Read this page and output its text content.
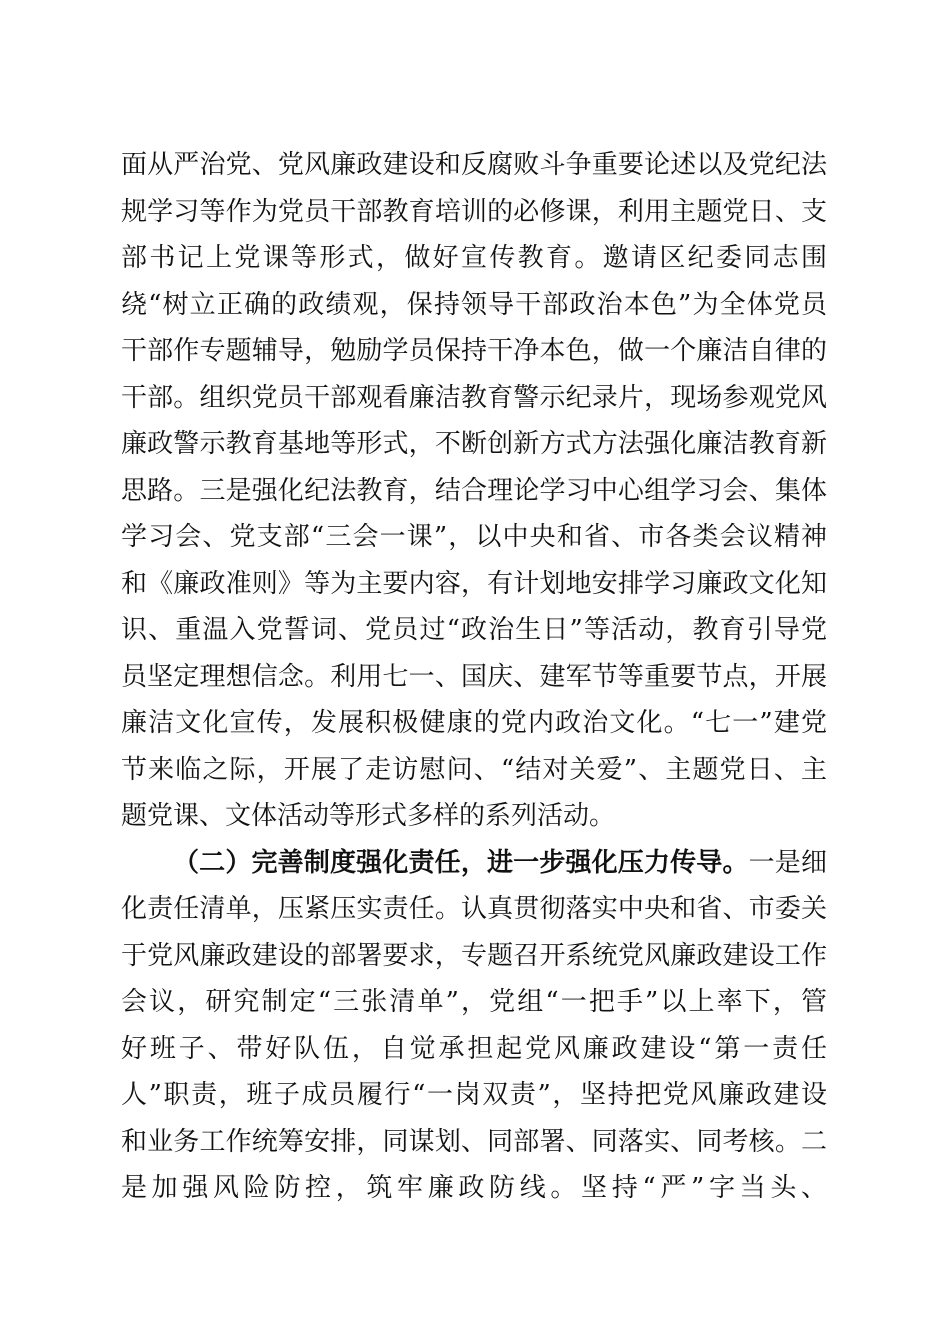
面从严治党、党风廉政建设和反腐败斗争重要论述以及党纪法
规学习等作为党员干部教育培训的必修课，利用主题党日、支
部书记上党课等形式，做好宣传教育。邀请区纪委同志围
绕“树立正确的政绩观，保持领导干部政治本色”为全体党员
干部作专题辅导，勉励学员保持干净本色，做一个廉洁自律的
干部。组织党员干部观看廉洁教育警示纪录片，现场参观党风
廉政警示教育基地等形式，不断创新方式方法强化廉洁教育新
思路。三是强化纪法教育，结合理论学习中心组学习会、集体
学习会、党支部“三会一课”，以中央和省、市各类会议精神
和《廉政准则》等为主要内容，有计划地安排学习廉政文化知
识、重温入党誓词、党员过“政治生日”等活动，教育引导党
员坚定理想信念。利用七一、国庆、建军节等重要节点，开展
廉洁文化宣传，发展积极健康的党内政治文化。“七一”建党
节来临之际，开展了走访慰问、“结对关爱”、主题党日、主
题党课、文体活动等形式多样的系列活动。
（二）完善制度强化责任，进一步强化压力传导。一是细
化责任清单，压紧压实责任。认真贯彻落实中央和省、市委关
于党风廉政建设的部署要求，专题召开系统党风廉政建设工作
会议，研究制定“三张清单”，党组“一把手”以上率下，管
好班子、带好队伍，自觉承担起党风廉政建设“第一责任
人”职责，班子成员履行“一岗双责”，坚持把党风廉政建设
和业务工作统筹安排，同谋划、同部署、同落实、同考核。二
是加强风险防控，筑牢廉政防线。坚持“严”字当头、
